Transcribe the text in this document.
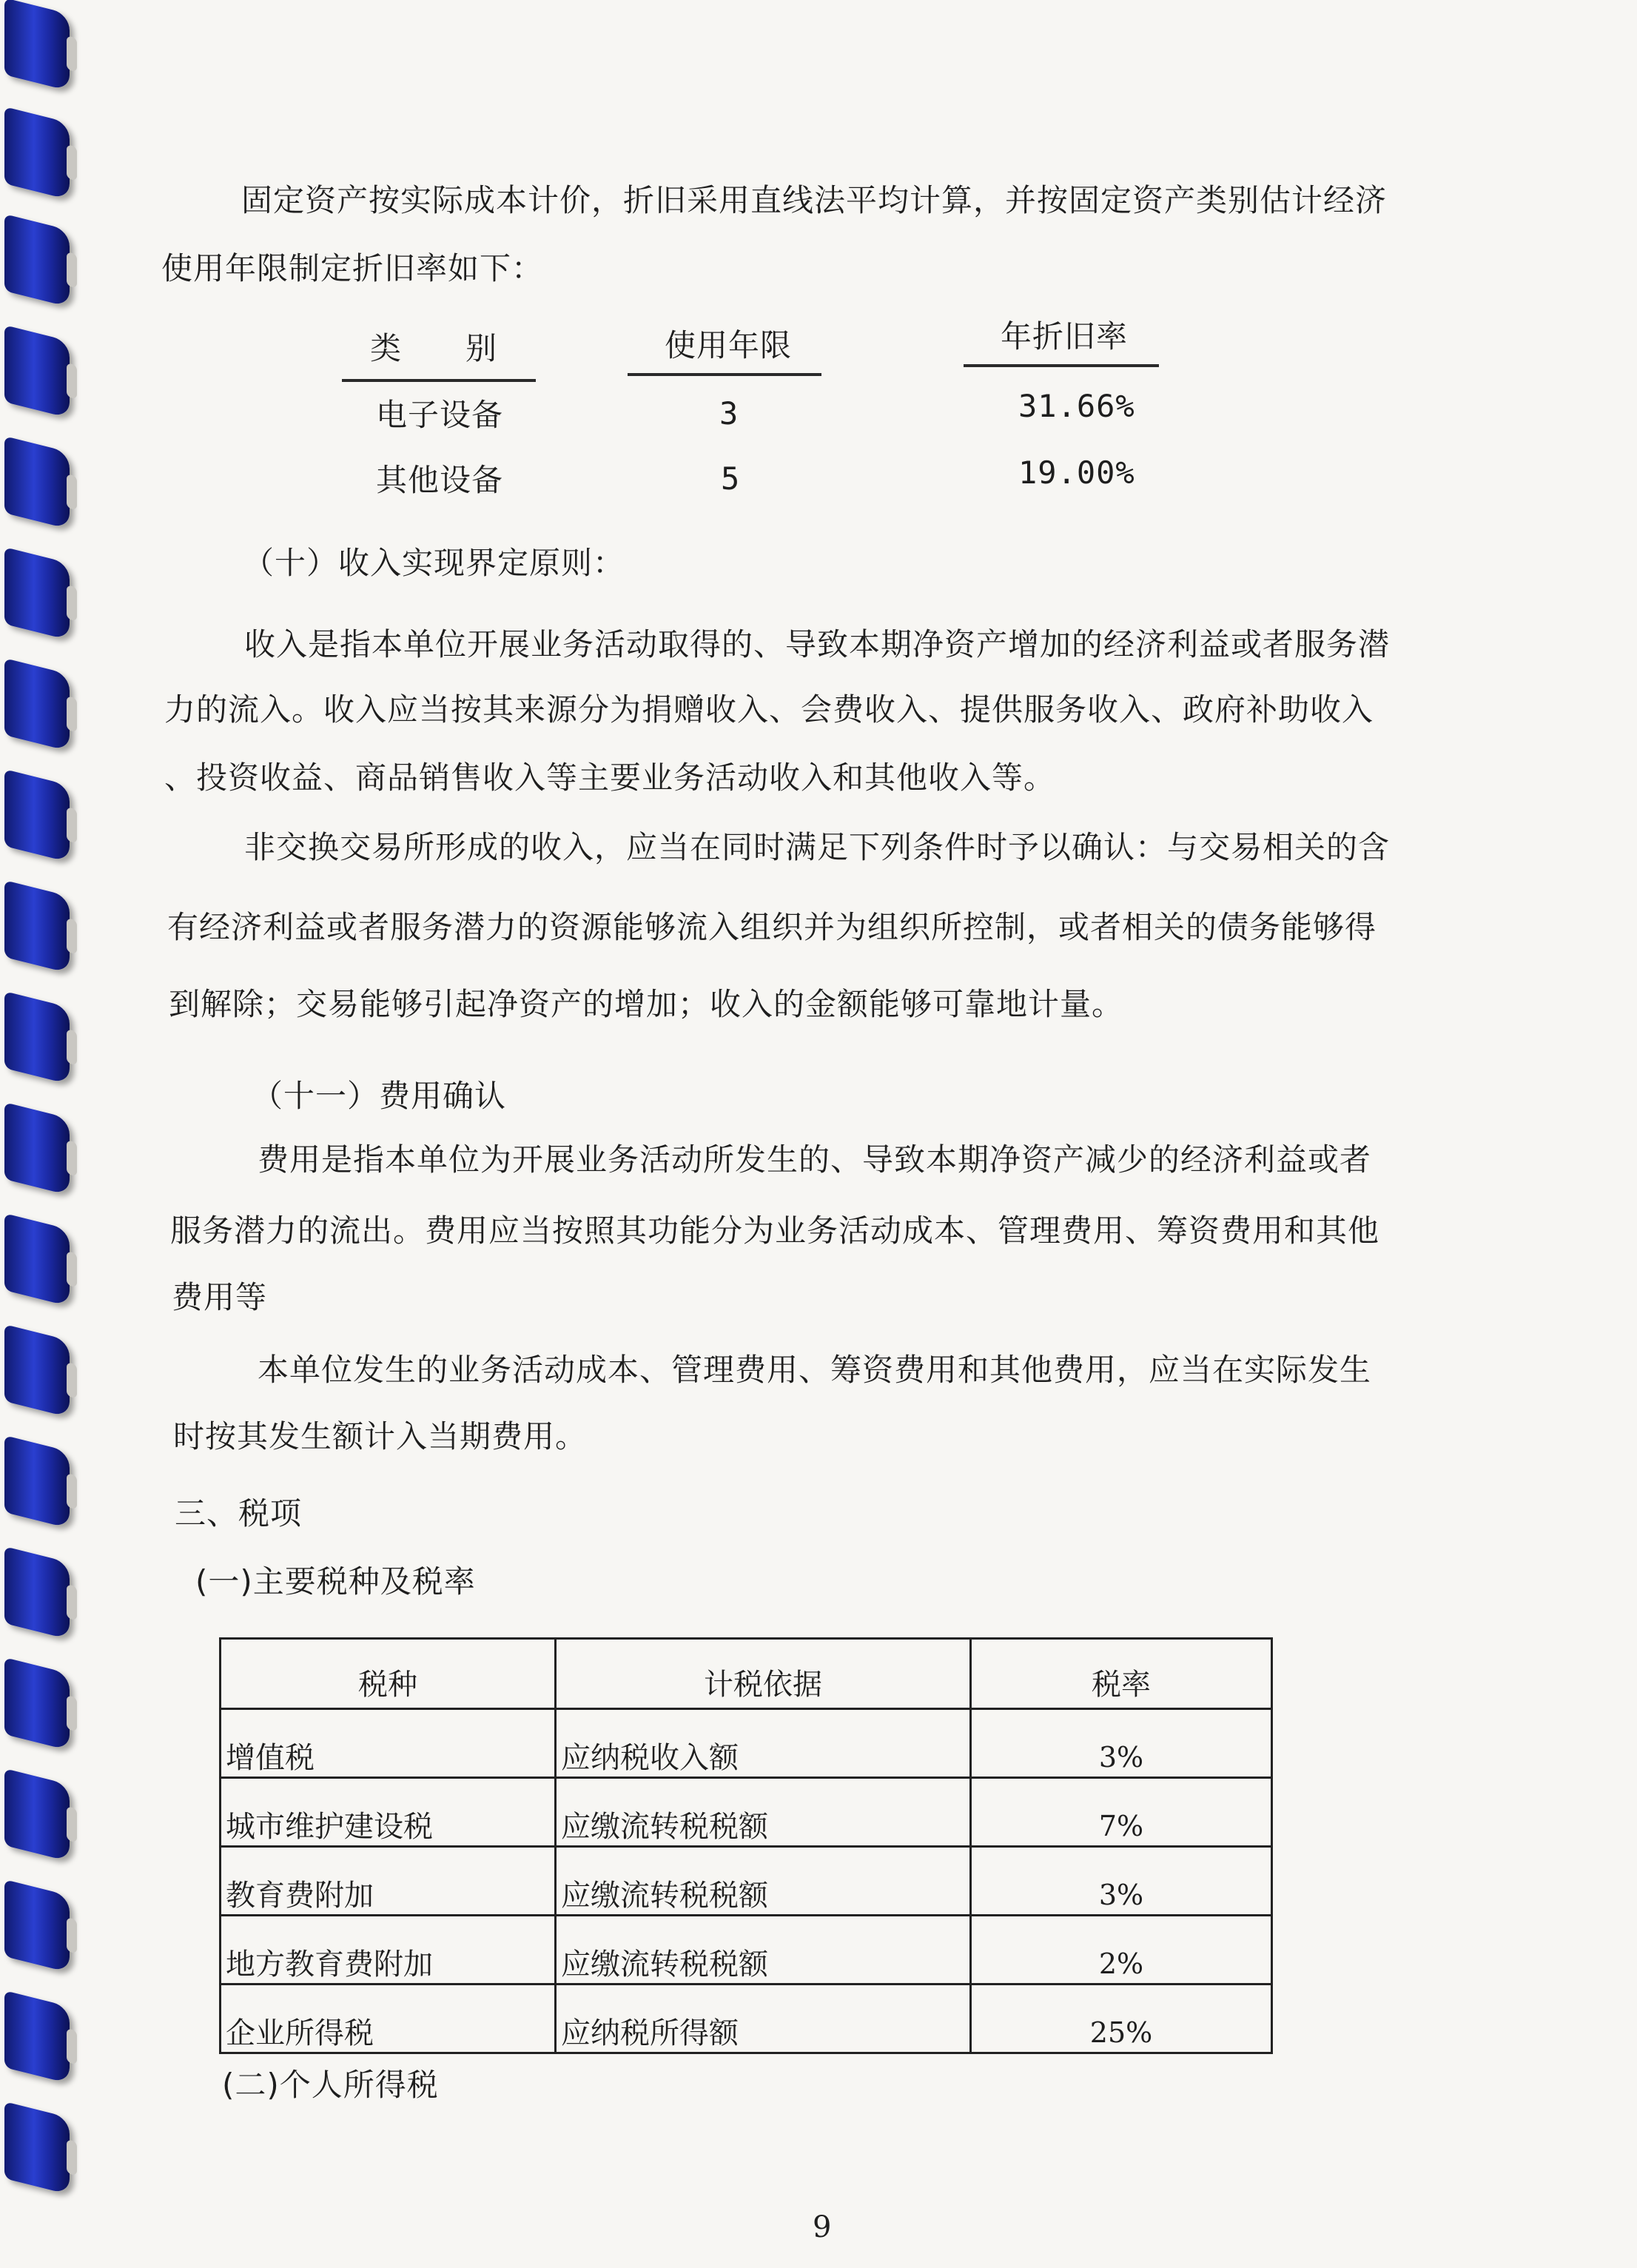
固定资产按实际成本计价，折旧采用直线法平均计算，并按固定资产类别估计经济
使用年限制定折旧率如下：
类　　别	使用年限	年折旧率
电子设备	3	31.66%
其他设备	5	19.00%
（十）收入实现界定原则：
收入是指本单位开展业务活动取得的、导致本期净资产增加的经济利益或者服务潜
力的流入。收入应当按其来源分为捐赠收入、会费收入、提供服务收入、政府补助收入
、投资收益、商品销售收入等主要业务活动收入和其他收入等。
非交换交易所形成的收入，应当在同时满足下列条件时予以确认：与交易相关的含
有经济利益或者服务潜力的资源能够流入组织并为组织所控制，或者相关的债务能够得
到解除；交易能够引起净资产的增加；收入的金额能够可靠地计量。
（十一）费用确认
费用是指本单位为开展业务活动所发生的、导致本期净资产减少的经济利益或者
服务潜力的流出。费用应当按照其功能分为业务活动成本、管理费用、筹资费用和其他
费用等
本单位发生的业务活动成本、管理费用、筹资费用和其他费用，应当在实际发生
时按其发生额计入当期费用。
三、税项
(一)主要税种及税率
税种	计税依据	税率
增值税	应纳税收入额	3%
城市维护建设税	应缴流转税税额	7%
教育费附加	应缴流转税税额	3%
地方教育费附加	应缴流转税税额	2%
企业所得税	应纳税所得额	25%
(二)个人所得税
9
